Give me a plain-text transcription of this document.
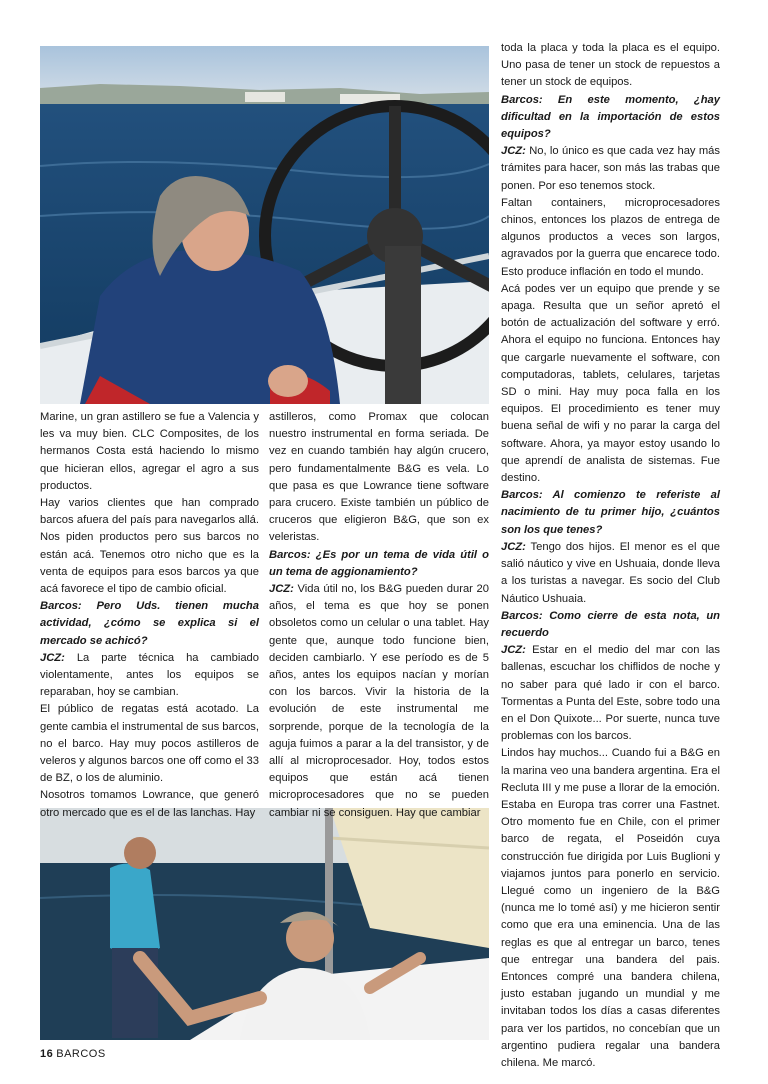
Marine, un gran astillero se fue a Valencia y les va muy bien. CLC Composites, de los hermanos Costa está haciendo lo mismo que hicieran ellos, agregar el agro a sus productos.

Hay varios clientes que han comprado barcos afuera del país para navegarlos allá. Nos piden productos pero sus barcos no están acá. Tenemos otro nicho que es la venta de equipos para esos barcos ya que acá favorece el tipo de cambio oficial.

Barcos: Pero Uds. tienen mucha actividad, ¿cómo se explica si el mercado se achicó?

JCZ: La parte técnica ha cambiado violentamente, antes los equipos se reparaban, hoy se cambian.

El público de regatas está acotado. La gente cambia el instrumental de sus barcos, no el barco. Hay muy pocos astilleros de veleros y algunos barcos one off como el 33 de BZ, o los de aluminio.

Nosotros tomamos Lowrance, que generó otro mercado que es el de las lanchas. Hay

astilleros, como Promax que colocan nuestro instrumental en forma seriada. De vez en cuando también hay algún crucero, pero fundamentalmente B&G es vela. Lo que pasa es que Lowrance tiene software para crucero. Existe también un público de cruceros que eligieron B&G, que son ex veleristas.

Barcos: ¿Es por un tema de vida útil o un tema de aggionamiento?

JCZ: Vida útil no, los B&G pueden durar 20 años, el tema es que hoy se ponen obsoletos como un celular o una tablet. Hay gente que, aunque todo funcione bien, deciden cambiarlo. Y ese período es de 5 años, antes los equipos nacían y morían con los barcos. Vivir la historia de la evolución de este instrumental me sorprende, porque de la tecnología de la aguja fuimos a parar a la del transistor, y de allí al microprocesador. Hoy, todos estos equipos que están acá tienen microprocesadores que no se pueden cambiar ni se consiguen. Hay que cambiar

toda la placa y toda la placa es el equipo. Uno pasa de tener un stock de repuestos a tener un stock de equipos.

Barcos: En este momento, ¿hay dificultad en la importación de estos equipos?

JCZ: No, lo único es que cada vez hay más trámites para hacer, son más las trabas que ponen. Por eso tenemos stock.

Faltan containers, microprocesadores chinos, entonces los plazos de entrega de algunos productos a veces son largos, agravados por la guerra que encarece todo. Esto produce inflación en todo el mundo.

Acá podes ver un equipo que prende y se apaga. Resulta que un señor apretó el botón de actualización del software y erró. Ahora el equipo no funciona. Entonces hay que cargarle nuevamente el software, con computadoras, tablets, celulares, tarjetas SD o mini. Hay muy poca falla en los equipos. El procedimiento es tener muy buena señal de wifi y no parar la carga del software. Ahora, ya mayor estoy usando lo que aprendí de analista de sistemas. Fue destino.

Barcos: Al comienzo te referiste al nacimiento de tu primer hijo, ¿cuántos son los que tenes?

JCZ: Tengo dos hijos. El menor es el que salió náutico y vive en Ushuaia, donde lleva a los turistas a navegar. Es socio del Club Náutico Ushuaia.

Barcos: Como cierre de esta nota, un recuerdo

JCZ: Estar en el medio del mar con las ballenas, escuchar los chiflidos de noche y no saber para qué lado ir con el barco. Tormentas a Punta del Este, sobre todo una en el Don Quixote... Por suerte, nunca tuve problemas con los barcos.

Lindos hay muchos... Cuando fui a B&G en la marina veo una bandera argentina. Era el Recluta III y me puse a llorar de la emoción. Estaba en Europa tras correr una Fastnet. Otro momento fue en Chile, con el primer barco de regata, el Poseidón cuya construcción fue dirigida por Luis Buglioni y viajamos juntos para ponerlo en servicio. Llegué como un ingeniero de la B&G (nunca me lo tomé así) y me hicieron sentir como que era una eminencia. Una de las reglas es que al entregar un barco, tenes que entregar una bandera del pais. Entonces compré una bandera chilena, justo estaban jugando un mundial y me invitaban todos los días a casas diferentes para ver los partidos, no concebían que un argentino pudiera regalar una bandera chilena. Me marcó.

16 BARCOS
